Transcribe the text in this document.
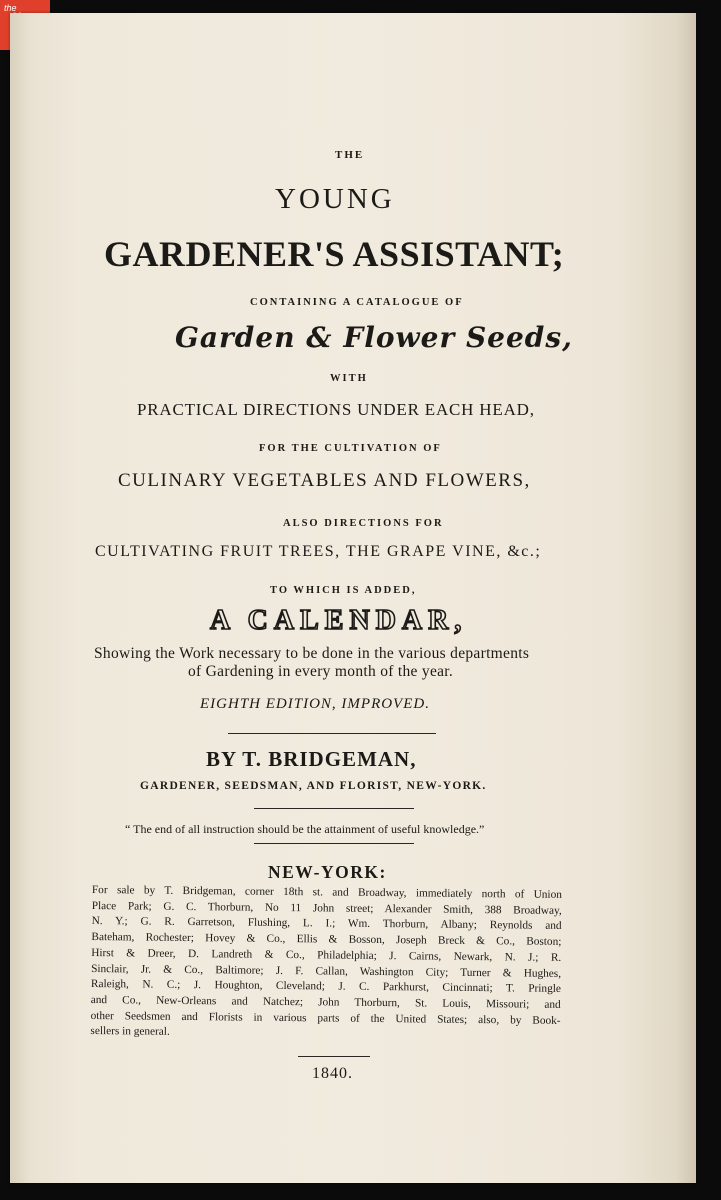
the
THE
YOUNG
GARDENER'S ASSISTANT;
CONTAINING A CATALOGUE OF
Garden & Flower Seeds,
WITH
PRACTICAL DIRECTIONS UNDER EACH HEAD,
FOR THE CULTIVATION OF
CULINARY VEGETABLES AND FLOWERS,
ALSO DIRECTIONS FOR
CULTIVATING FRUIT TREES, THE GRAPE VINE, &c.;
TO WHICH IS ADDED,
A CALENDAR,
Showing the Work necessary to be done in the various departments
of Gardening in every month of the year.
EIGHTH EDITION, IMPROVED.
BY T. BRIDGEMAN,
GARDENER, SEEDSMAN, AND FLORIST, NEW-YORK.
“ The end of all instruction should be the attainment of useful knowledge.”
NEW-YORK:
For sale by T. Bridgeman, corner 18th st. and Broadway, immediately north of Union
Place Park; G. C. Thorburn, No 11 John street; Alexander Smith, 388 Broadway,
N. Y.; G. R. Garretson, Flushing, L. I.; Wm. Thorburn, Albany; Reynolds and
Bateham, Rochester; Hovey & Co., Ellis & Bosson, Joseph Breck & Co., Boston;
Hirst & Dreer, D. Landreth & Co., Philadelphia; J. Cairns, Newark, N. J.; R.
Sinclair, Jr. & Co., Baltimore; J. F. Callan, Washington City; Turner & Hughes,
Raleigh, N. C.; J. Houghton, Cleveland; J. C. Parkhurst, Cincinnati; T. Pringle
and Co., New-Orleans and Natchez; John Thorburn, St. Louis, Missouri; and
other Seedsmen and Florists in various parts of the United States; also, by Book-
sellers in general.
1840.
